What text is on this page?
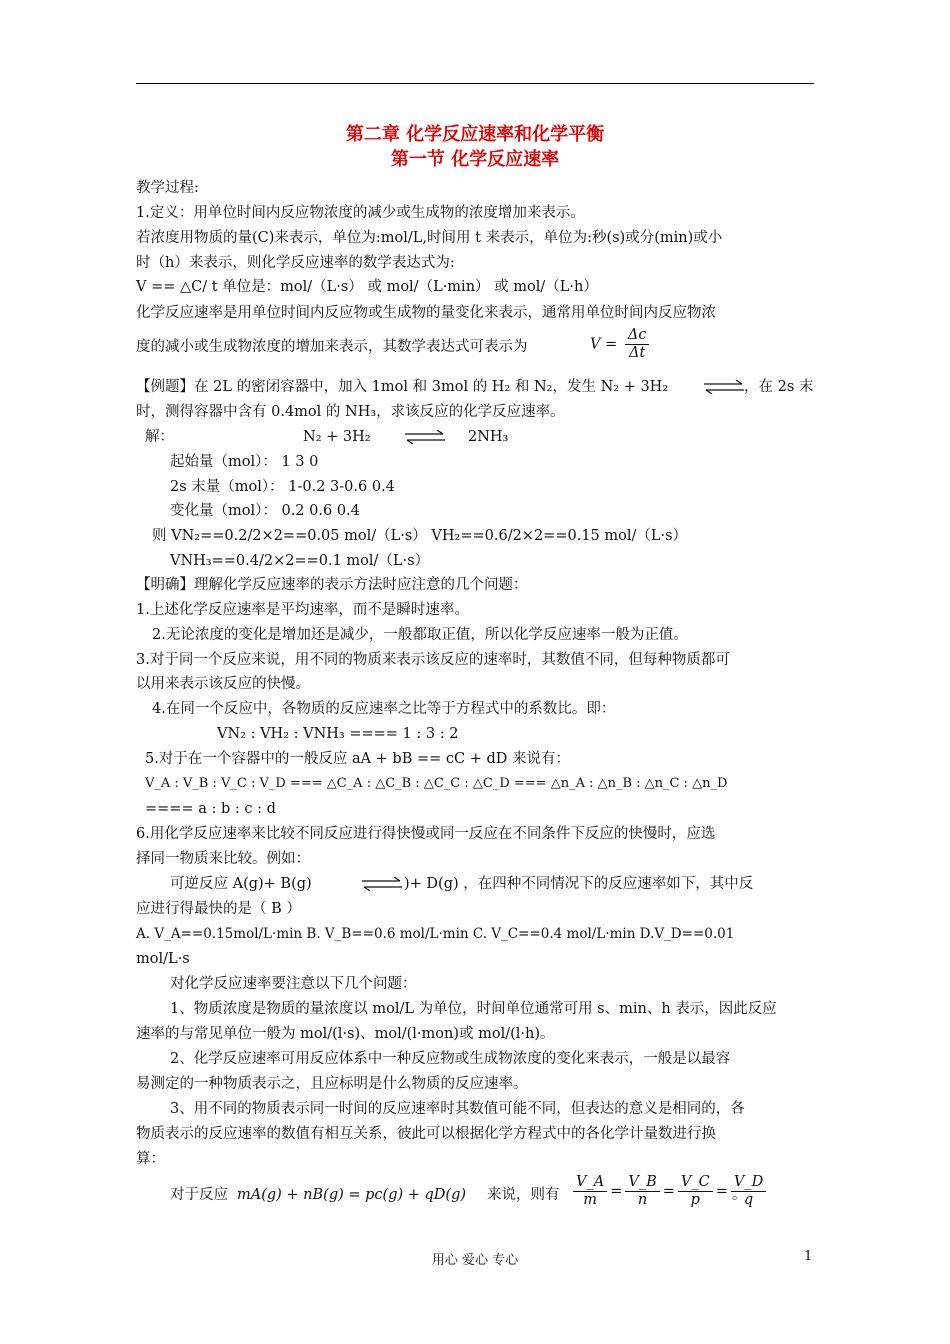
第二章 化学反应速率和化学平衡
第一节 化学反应速率
教学过程:
1.定义：用单位时间内反应物浓度的减少或生成物的浓度增加来表示。
若浓度用物质的量(C)来表示，单位为:mol/L,时间用 t 来表示，单位为:秒(s)或分(min)或小
时（h）来表示，则化学反应速率的数学表达式为:
V == △C/ t 单位是：mol/（L·s） 或 mol/（L·min） 或 mol/（L·h）
化学反应速率是用单位时间内反应物或生成物的量变化来表示，通常用单位时间内反应物浓
度的减小或生成物浓度的增加来表示，其数学表达式可表示为	$V = \frac{\Delta c}{\Delta t}$
【例题】在 2L 的密闭容器中，加入 1mol 和 3mol 的 H₂ 和 N₂，发生 N₂ + 3H₂	，在 2s 末
时，测得容器中含有 0.4mol 的 NH₃，求该反应的化学反应速率。
解：	N₂ + 3H₂ ⇌ 2NH₃
起始量（mol）： 1 3 0
2s 末量（mol）： 1-0.2 3-0.6 0.4
变化量（mol）： 0.2 0.6 0.4
则 VN₂==0.2/2×2==0.05 mol/（L·s） VH₂==0.6/2×2==0.15 mol/（L·s）
VNH₃==0.4/2×2==0.1 mol/（L·s）
【明确】理解化学反应速率的表示方法时应注意的几个问题：
1.上述化学反应速率是平均速率，而不是瞬时速率。
2.无论浓度的变化是增加还是减少，一般都取正值，所以化学反应速率一般为正值。
3.对于同一个反应来说，用不同的物质来表示该反应的速率时，其数值不同，但每种物质都可
以用来表示该反应的快慢。
4.在同一个反应中，各物质的反应速率之比等于方程式中的系数比。即：
VN₂ : VH₂ : VNH₃ ==== 1 : 3 : 2
5.对于在一个容器中的一般反应 aA + bB == cC + dD 来说有：
V_A : V_B : V_C : V_D === △C_A : △C_B : △C_C : △C_D === △n_A : △n_B : △n_C : △n_D
==== a : b : c : d
6.用化学反应速率来比较不同反应进行得快慢或同一反应在不同条件下反应的快慢时，应选
择同一物质来比较。例如：
可逆反应 A(g)+ B(g)	⇌ )+ D(g) ，在四种不同情况下的反应速率如下，其中反
应进行得最快的是（ B ）
A. V_A==0.15mol/L·min B. V_B==0.6 mol/L·min C. V_C==0.4 mol/L·min D.V_D==0.01
mol/L·s
对化学反应速率要注意以下几个问题：
1、物质浓度是物质的量浓度以 mol/L 为单位，时间单位通常可用 s、min、h 表示，因此反应
速率的与常见单位一般为 mol/(l·s)、mol/(l·mon)或 mol/(l·h)。
2、化学反应速率可用反应体系中一种反应物或生成物浓度的变化来表示，一般是以最容
易测定的一种物质表示之，且应标明是什么物质的反应速率。
3、用不同的物质表示同一时间的反应速率时其数值可能不同，但表达的意义是相同的，各
物质表示的反应速率的数值有相互关系，彼此可以根据化学方程式中的各化学计量数进行换
算：
对于反应 mA(g) + nB(g) = pc(g) + qD(g) 来说，则有 $\frac{V\_A}{m} = \frac{V\_B}{n} = \frac{V\_C}{p} = \frac{V\_D}{q}$
。
用心 爱心 专心	1
